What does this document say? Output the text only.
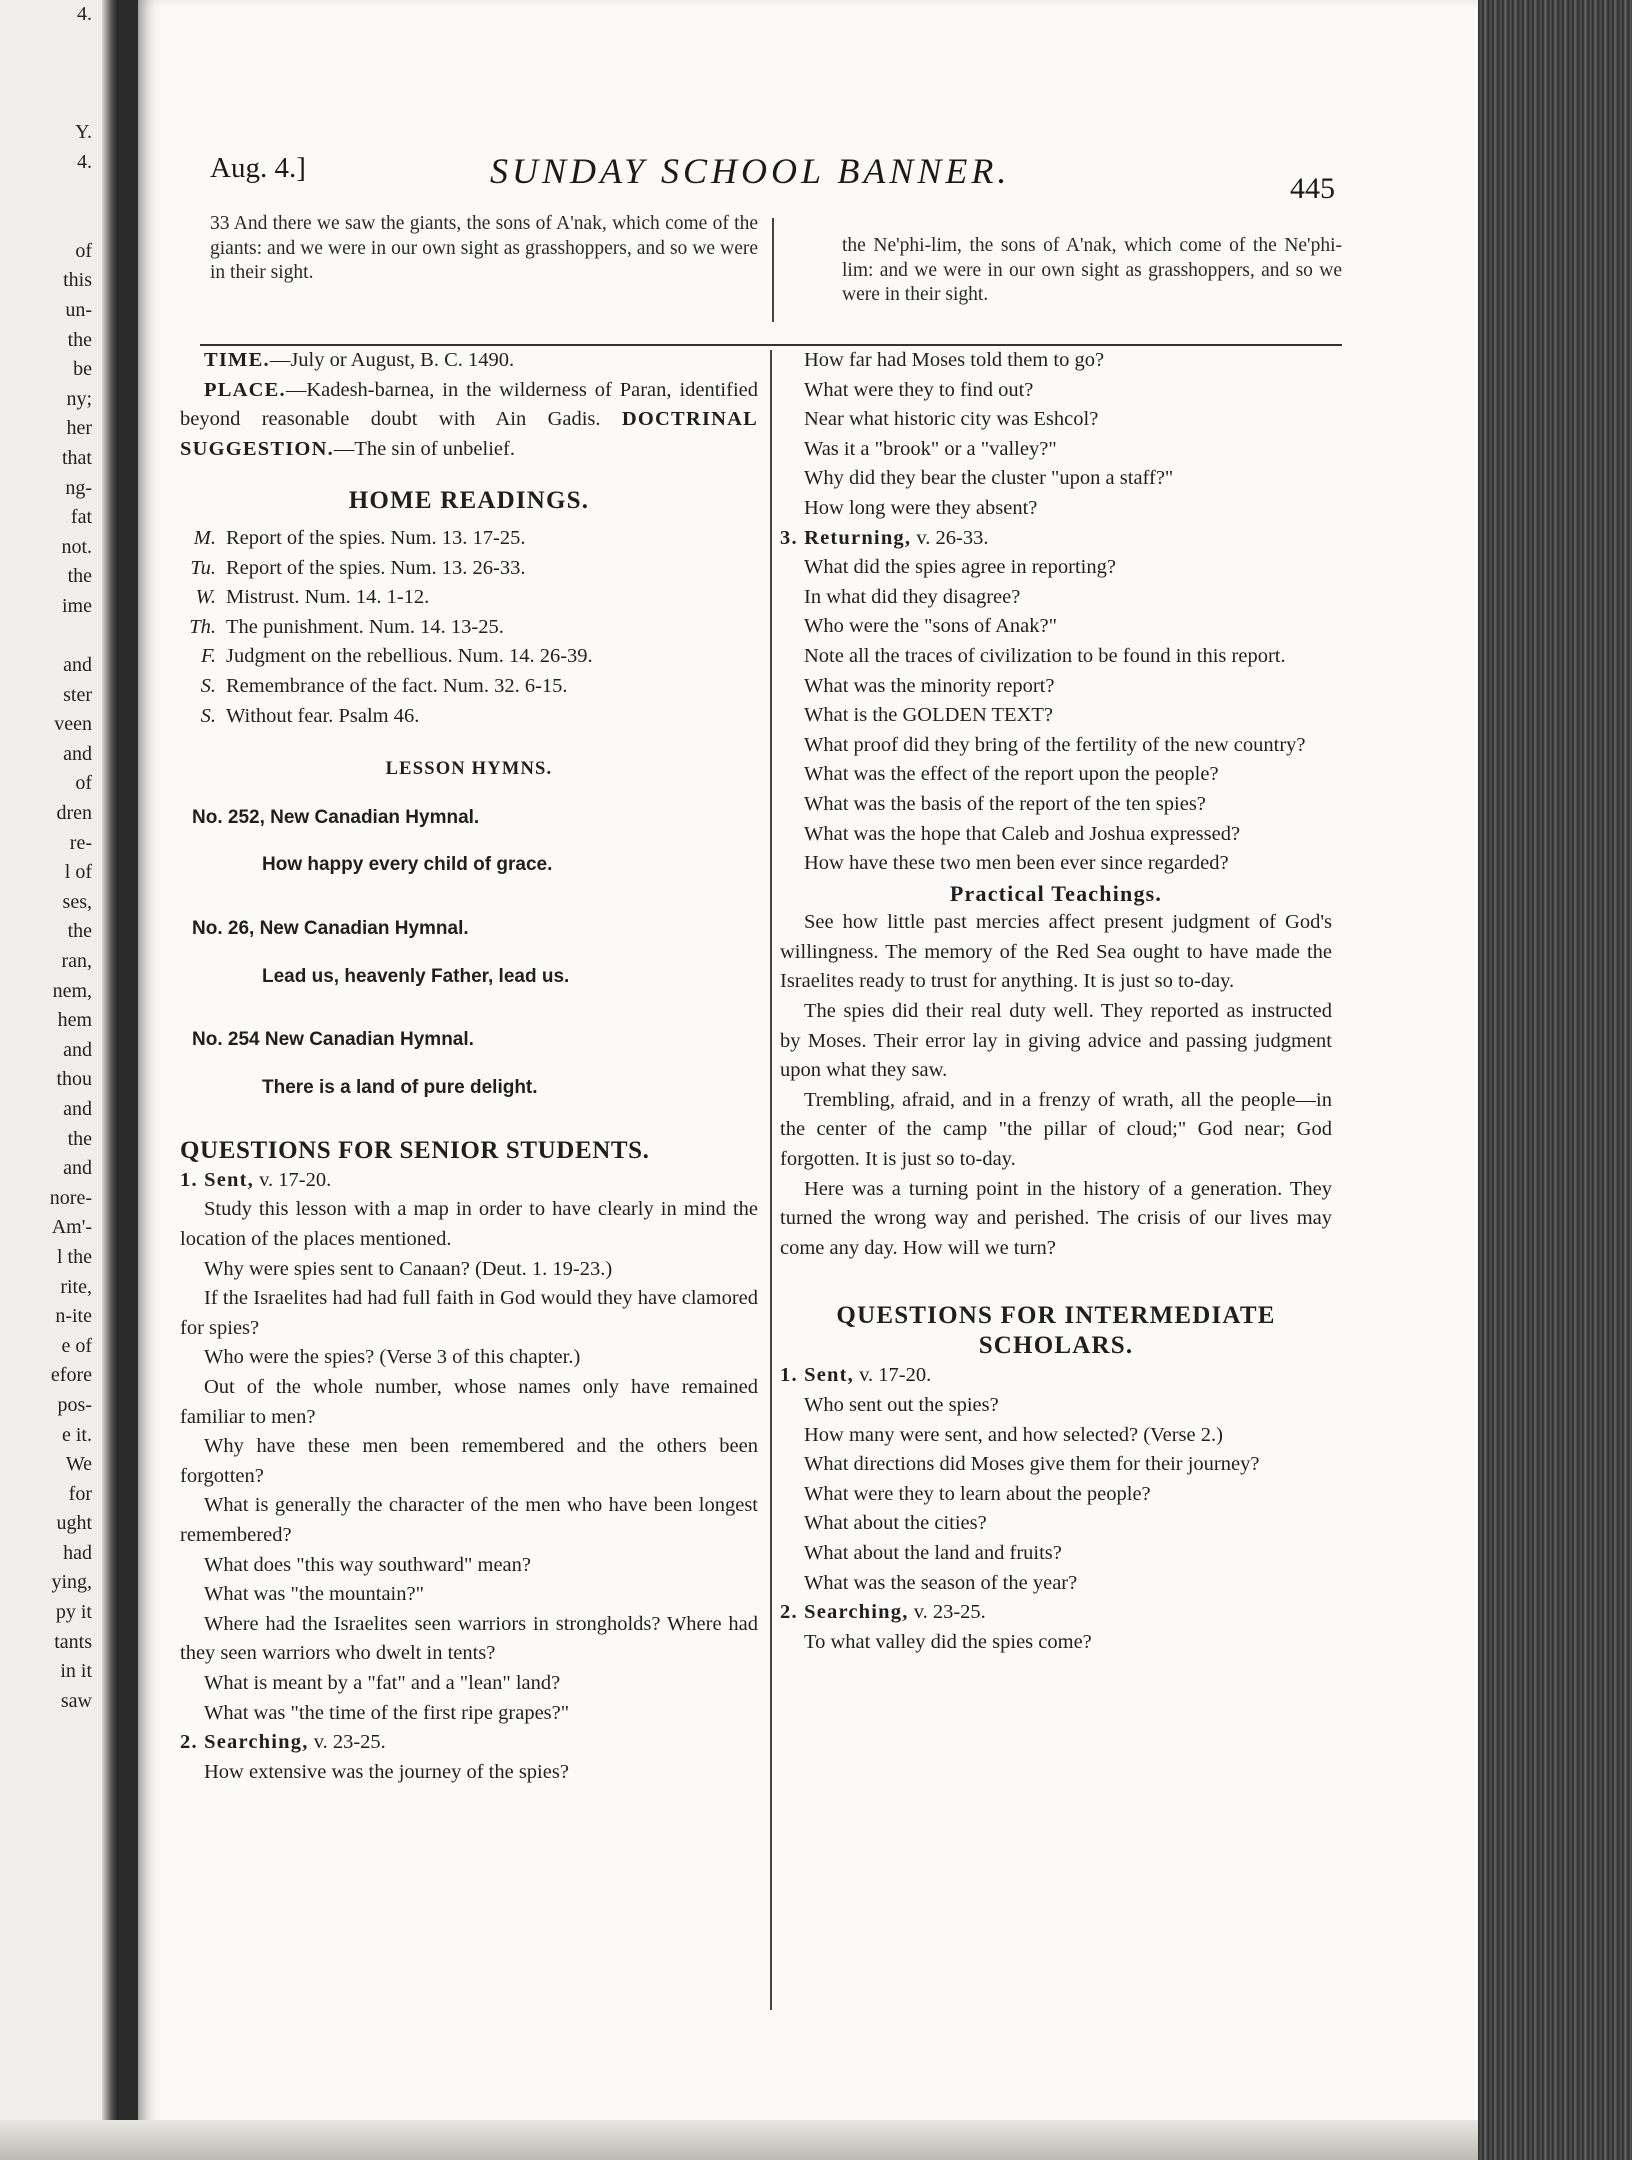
4.

Y.
4.

of
this
un-
the
be
ny;
her
that
ng-
fat
not.
the
ime

and
ster
veen
and
of
dren
re-
l of
ses,
the
ran,
nem,
hem
and
thou
and
the
and
nore-
Am'-
l the
rite,
n-ite
e of
efore
pos-
e it.
We
for
ught
had
ying,
py it
tants
in it
saw
Aug. 4.]	SUNDAY SCHOOL BANNER.	445
33 And there we saw the giants, the sons of A'nak, which come of the giants: and we were in our own sight as grasshoppers, and so we were in their sight.
the Ne'phi-lim, the sons of A'nak, which come of the Ne'phi-lim: and we were in our own sight as grasshoppers, and so we were in their sight.

TIME.—July or August, B. C. 1490.

PLACE.—Kadesh-barnea, in the wilderness of Paran, identified beyond reasonable doubt with Ain Gadis. DOCTRINAL SUGGESTION.—The sin of unbelief.

HOME READINGS.

M. Report of the spies. Num. 13. 17-25.

Tu. Report of the spies. Num. 13. 26-33.

W. Mistrust. Num. 14. 1-12.

Th. The punishment. Num. 14. 13-25.

F. Judgment on the rebellious. Num. 14. 26-39.

S. Remembrance of the fact. Num. 32. 6-15.

S. Without fear. Psalm 46.

LESSON HYMNS.

No. 252, New Canadian Hymnal.

How happy every child of grace.

No. 26, New Canadian Hymnal.

Lead us, heavenly Father, lead us.

No. 254 New Canadian Hymnal.

There is a land of pure delight.

QUESTIONS FOR SENIOR STUDENTS.

1. Sent, v. 17-20.

Study this lesson with a map in order to have clearly in mind the location of the places mentioned.

Why were spies sent to Canaan? (Deut. 1. 19-23.)

If the Israelites had had full faith in God would they have clamored for spies?

Who were the spies? (Verse 3 of this chapter.)

Out of the whole number, whose names only have remained familiar to men?

Why have these men been remembered and the others been forgotten?

What is generally the character of the men who have been longest remembered?

What does "this way southward" mean?

What was "the mountain?"

Where had the Israelites seen warriors in strongholds? Where had they seen warriors who dwelt in tents?

What is meant by a "fat" and a "lean" land?

What was "the time of the first ripe grapes?"

2. Searching, v. 23-25.

How extensive was the journey of the spies?

How far had Moses told them to go?

What were they to find out?

Near what historic city was Eshcol?

Was it a "brook" or a "valley?"

Why did they bear the cluster "upon a staff?"

How long were they absent?

3. Returning, v. 26-33.

What did the spies agree in reporting?

In what did they disagree?

Who were the "sons of Anak?"

Note all the traces of civilization to be found in this report.

What was the minority report?

What is the GOLDEN TEXT?

What proof did they bring of the fertility of the new country?

What was the effect of the report upon the people?

What was the basis of the report of the ten spies?

What was the hope that Caleb and Joshua expressed?

How have these two men been ever since regarded?

Practical Teachings.

See how little past mercies affect present judgment of God's willingness. The memory of the Red Sea ought to have made the Israelites ready to trust for anything. It is just so to-day.

The spies did their real duty well. They reported as instructed by Moses. Their error lay in giving advice and passing judgment upon what they saw.

Trembling, afraid, and in a frenzy of wrath, all the people—in the center of the camp "the pillar of cloud;" God near; God forgotten. It is just so to-day.

Here was a turning point in the history of a generation. They turned the wrong way and perished. The crisis of our lives may come any day. How will we turn?

QUESTIONS FOR INTERMEDIATE

SCHOLARS.

1. Sent, v. 17-20.

Who sent out the spies?

How many were sent, and how selected? (Verse 2.)

What directions did Moses give them for their journey?

What were they to learn about the people?

What about the cities?

What about the land and fruits?

What was the season of the year?

2. Searching, v. 23-25.

To what valley did the spies come?
